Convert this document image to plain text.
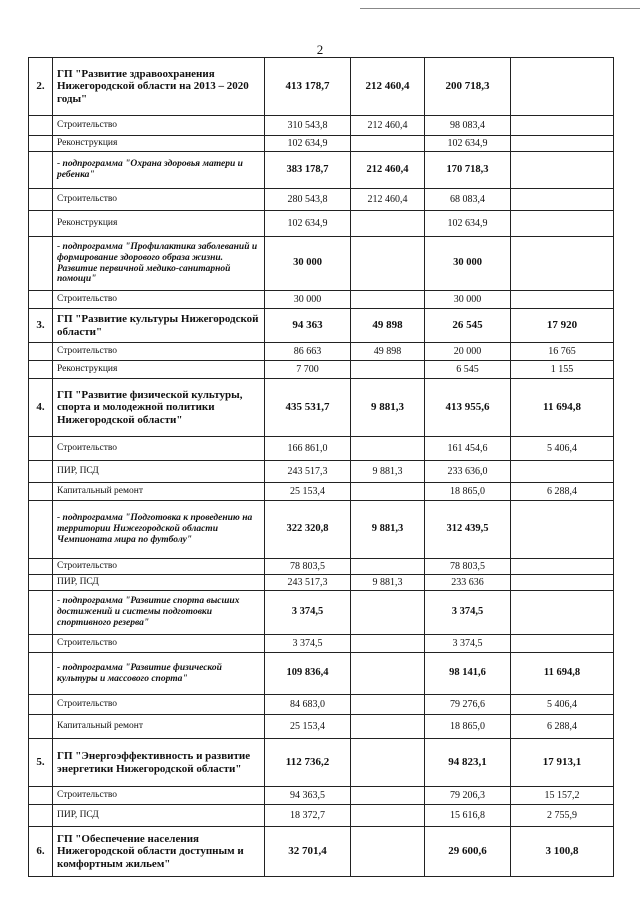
2
2.	ГП "Развитие здравоохранения Нижегородской области на 2013 – 2020 годы"	413 178,7	212 460,4	200 718,3	
	Строительство	310 543,8	212 460,4	98 083,4	
	Реконструкция	102 634,9		102 634,9	
	- подпрограмма "Охрана здоровья матери и ребенка"	383 178,7	212 460,4	170 718,3	
	Строительство	280 543,8	212 460,4	68 083,4	
	Реконструкция	102 634,9		102 634,9	
	- подпрограмма "Профилактика заболеваний и формирование здорового образа жизни. Развитие первичной медико-санитарной помощи"	30 000		30 000	
	Строительство	30 000		30 000	
3.	ГП "Развитие культуры Нижегородской области"	94 363	49 898	26 545	17 920
	Строительство	86 663	49 898	20 000	16 765
	Реконструкция	7 700		6 545	1 155
4.	ГП "Развитие физической культуры, спорта и молодежной политики Нижегородской области"	435 531,7	9 881,3	413 955,6	11 694,8
	Строительство	166 861,0		161 454,6	5 406,4
	ПИР, ПСД	243 517,3	9 881,3	233 636,0	
	Капитальный ремонт	25 153,4		18 865,0	6 288,4
	- подпрограмма "Подготовка к проведению на территории Нижегородской области Чемпионата мира по футболу"	322 320,8	9 881,3	312 439,5	
	Строительство	78 803,5		78 803,5	
	ПИР, ПСД	243 517,3	9 881,3	233 636	
	- подпрограмма "Развитие спорта высших достижений и системы подготовки спортивного резерва"	3 374,5		3 374,5	
	Строительство	3 374,5		3 374,5	
	- подпрограмма "Развитие физической культуры и массового спорта"	109 836,4		98 141,6	11 694,8
	Строительство	84 683,0		79 276,6	5 406,4
	Капитальный ремонт	25 153,4		18 865,0	6 288,4
5.	ГП "Энергоэффективность и развитие энергетики Нижегородской области"	112 736,2		94 823,1	17 913,1
	Строительство	94 363,5		79 206,3	15 157,2
	ПИР, ПСД	18 372,7		15 616,8	2 755,9
6.	ГП "Обеспечение населения Нижегородской области доступным и комфортным жильем"	32 701,4		29 600,6	3 100,8
